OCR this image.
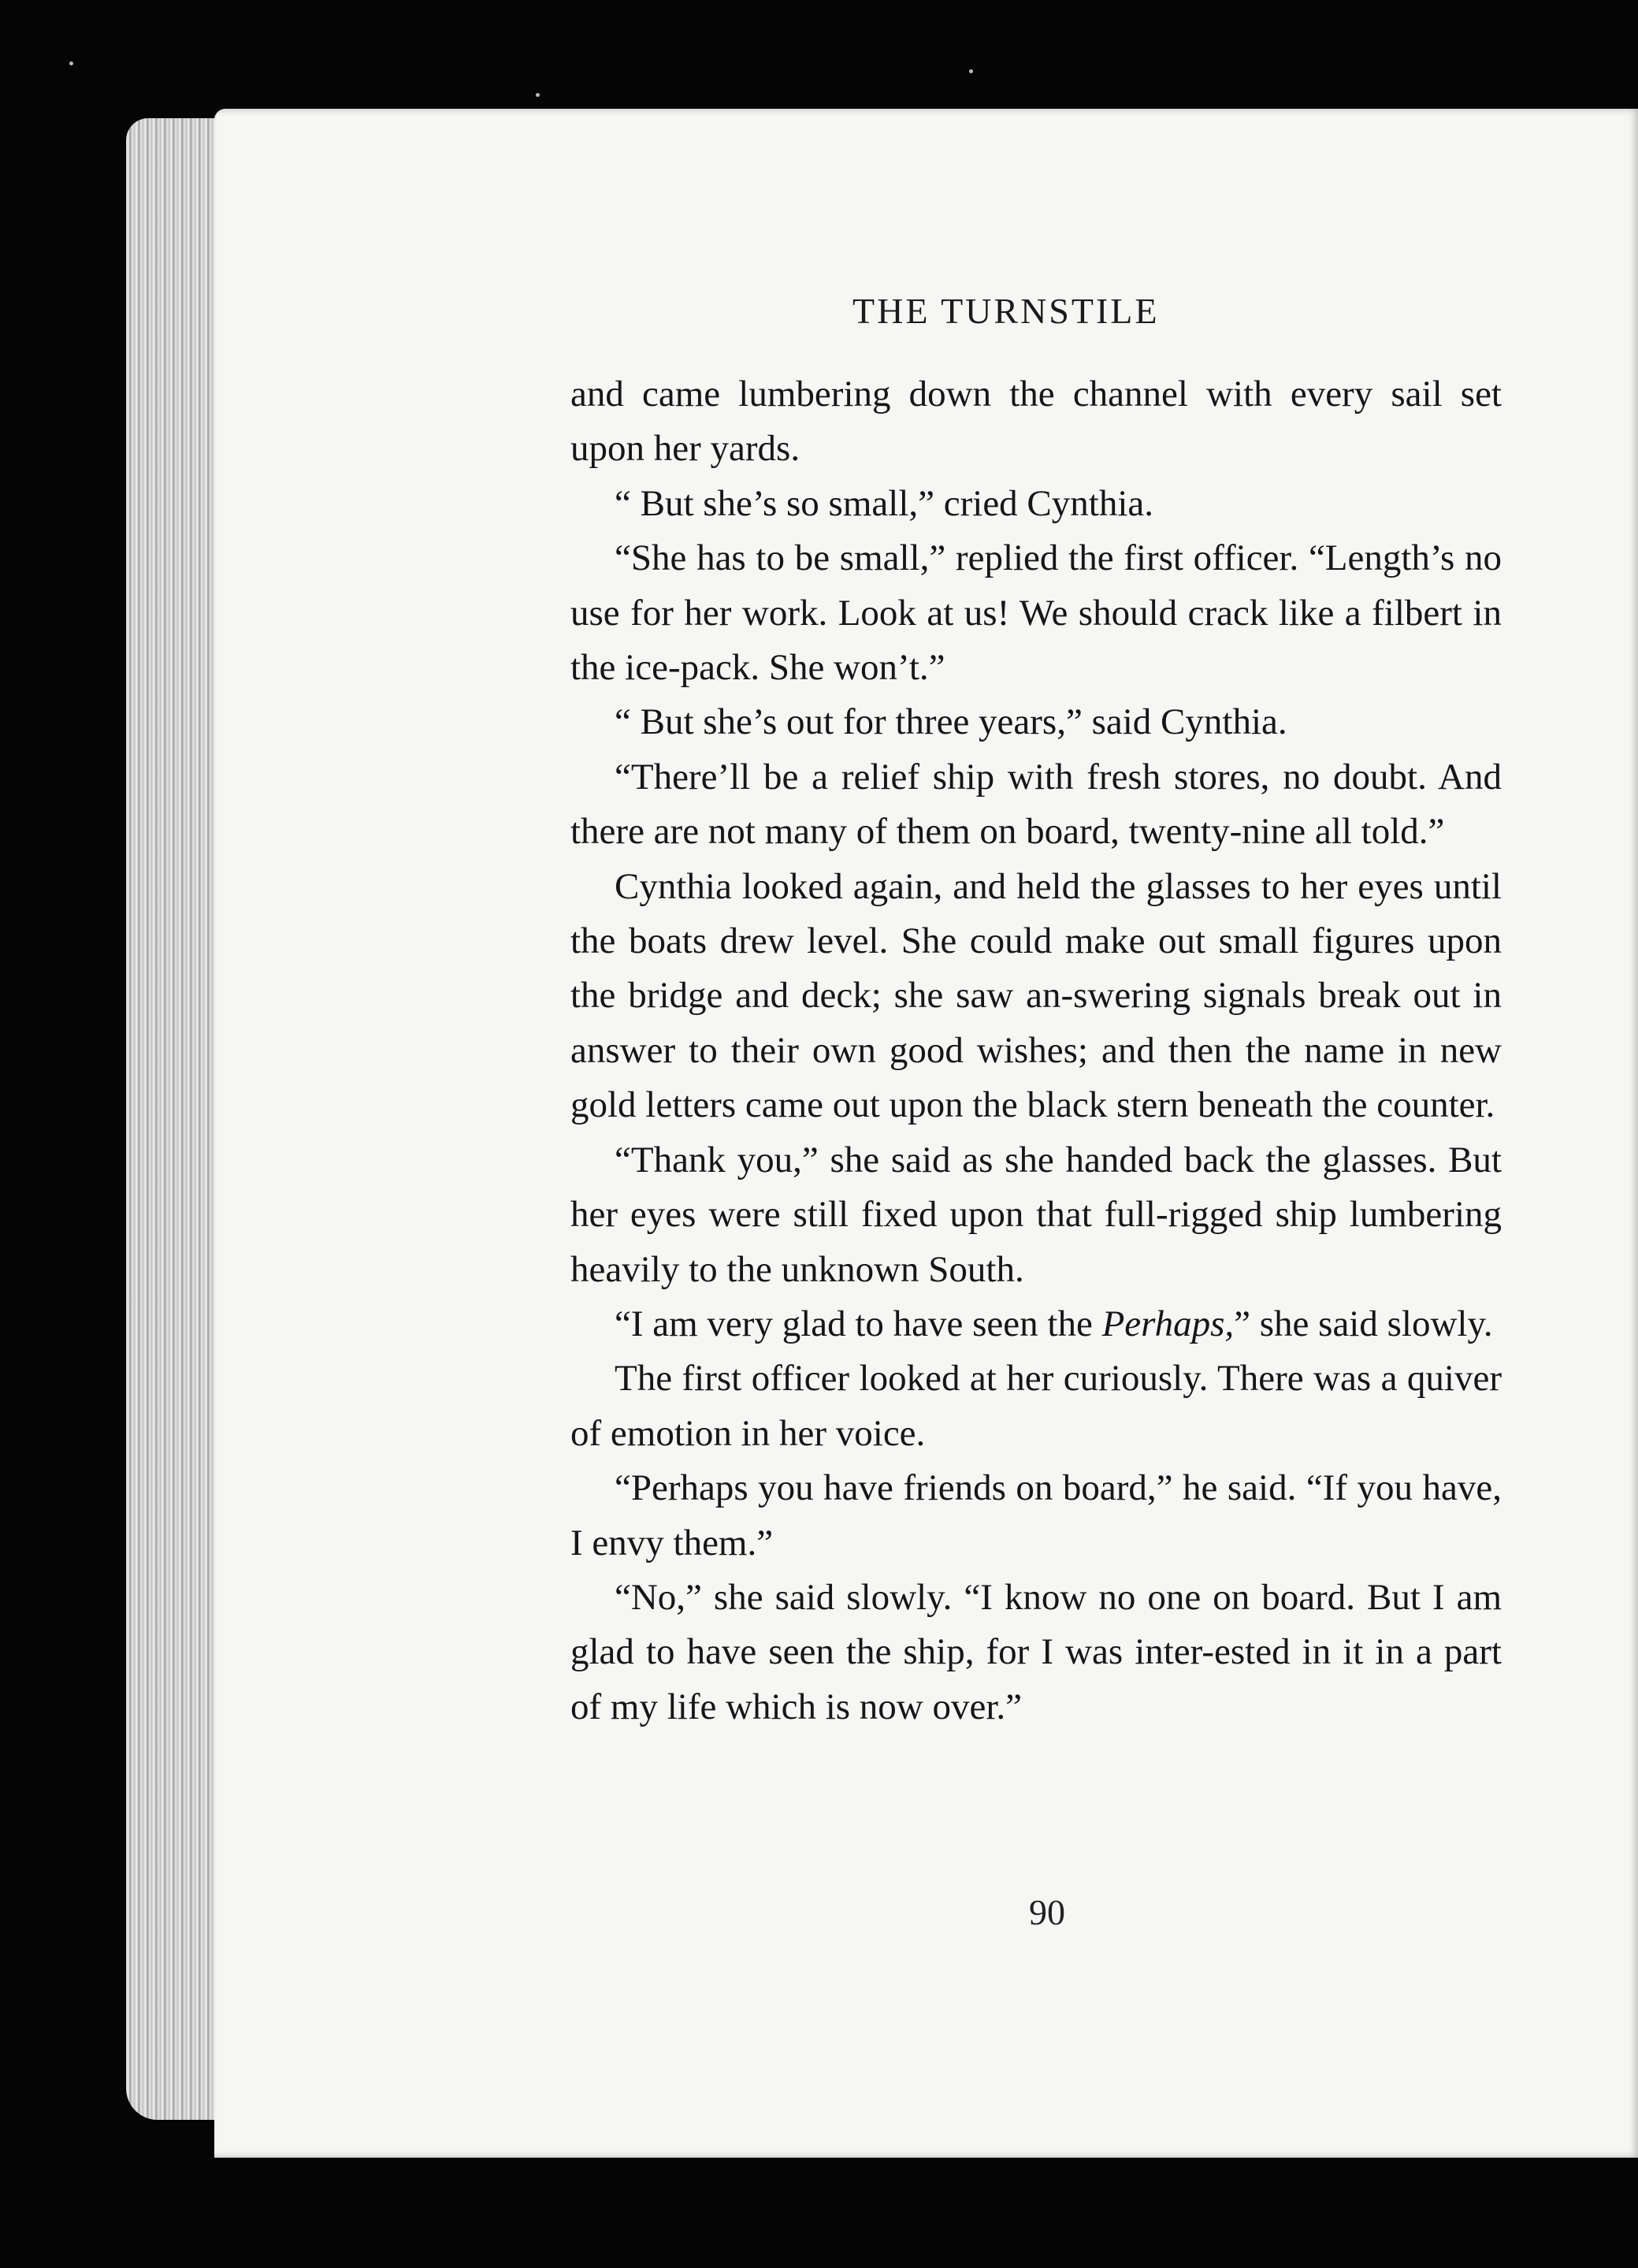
THE TURNSTILE

and came lumbering down the channel with every sail set upon her yards.

“ But she’s so small,” cried Cynthia.

“She has to be small,” replied the first officer. “Length’s no use for her work. Look at us! We should crack like a filbert in the ice-pack. She won’t.”

“ But she’s out for three years,” said Cynthia.

“There’ll be a relief ship with fresh stores, no doubt. And there are not many of them on board, twenty-nine all told.”

Cynthia looked again, and held the glasses to her eyes until the boats drew level. She could make out small figures upon the bridge and deck; she saw an-swering signals break out in answer to their own good wishes; and then the name in new gold letters came out upon the black stern beneath the counter.

“Thank you,” she said as she handed back the glasses. But her eyes were still fixed upon that full-rigged ship lumbering heavily to the unknown South.

“I am very glad to have seen the Perhaps,” she said slowly.

The first officer looked at her curiously. There was a quiver of emotion in her voice.

“Perhaps you have friends on board,” he said. “If you have, I envy them.”

“No,” she said slowly. “I know no one on board. But I am glad to have seen the ship, for I was inter-ested in it in a part of my life which is now over.”

90
